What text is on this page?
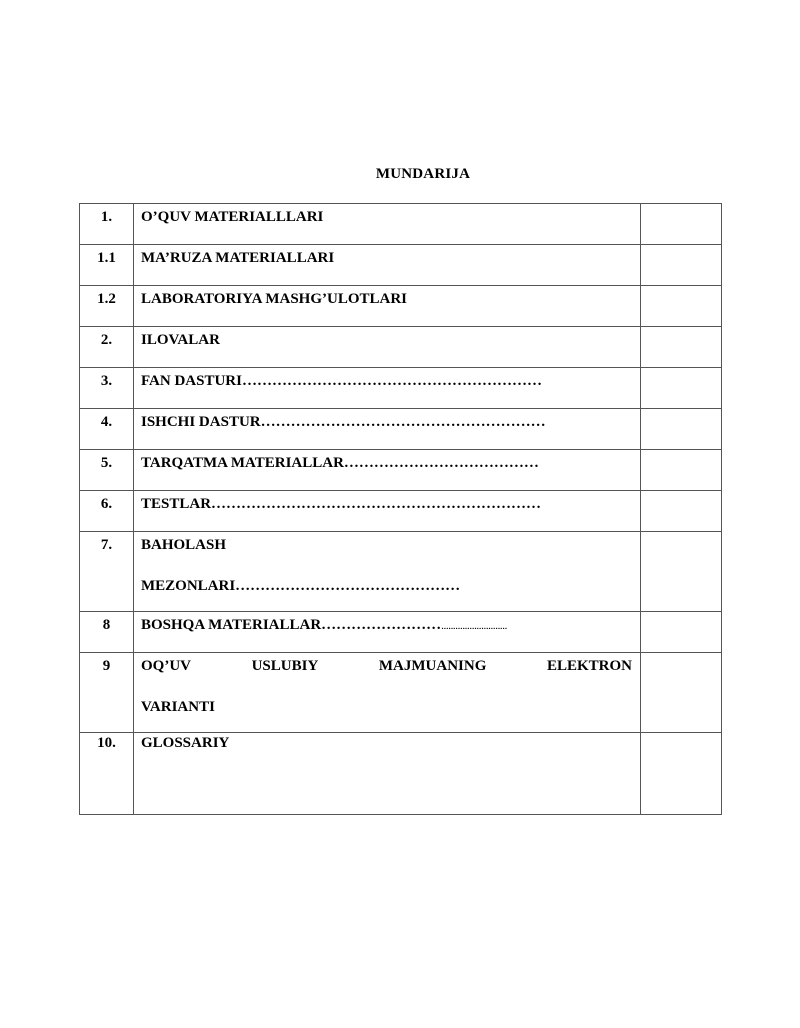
MUNDARIJA
1.	O’QUV MATERIALLLARI	
1.1	MA’RUZA MATERIALLARI	
1.2	LABORATORIYA MASHG’ULOTLARI	
2.	ILOVALAR	
3.	FAN DASTURI……………………………………………………	
4.	ISHCHI DASTUR…………………………………………………	
5.	TARQATMA MATERIALLAR…………………………………	
6.	TESTLAR…………………………………………………………	
7.	BAHOLASH
MEZONLARI………………………………………	

8	BOSHQA MATERIALLAR……………………............................	
9	OQ’UV USLUBIY MAJMUANING ELEKTRON
VARIANTI	

10.	GLOSSARIY	
